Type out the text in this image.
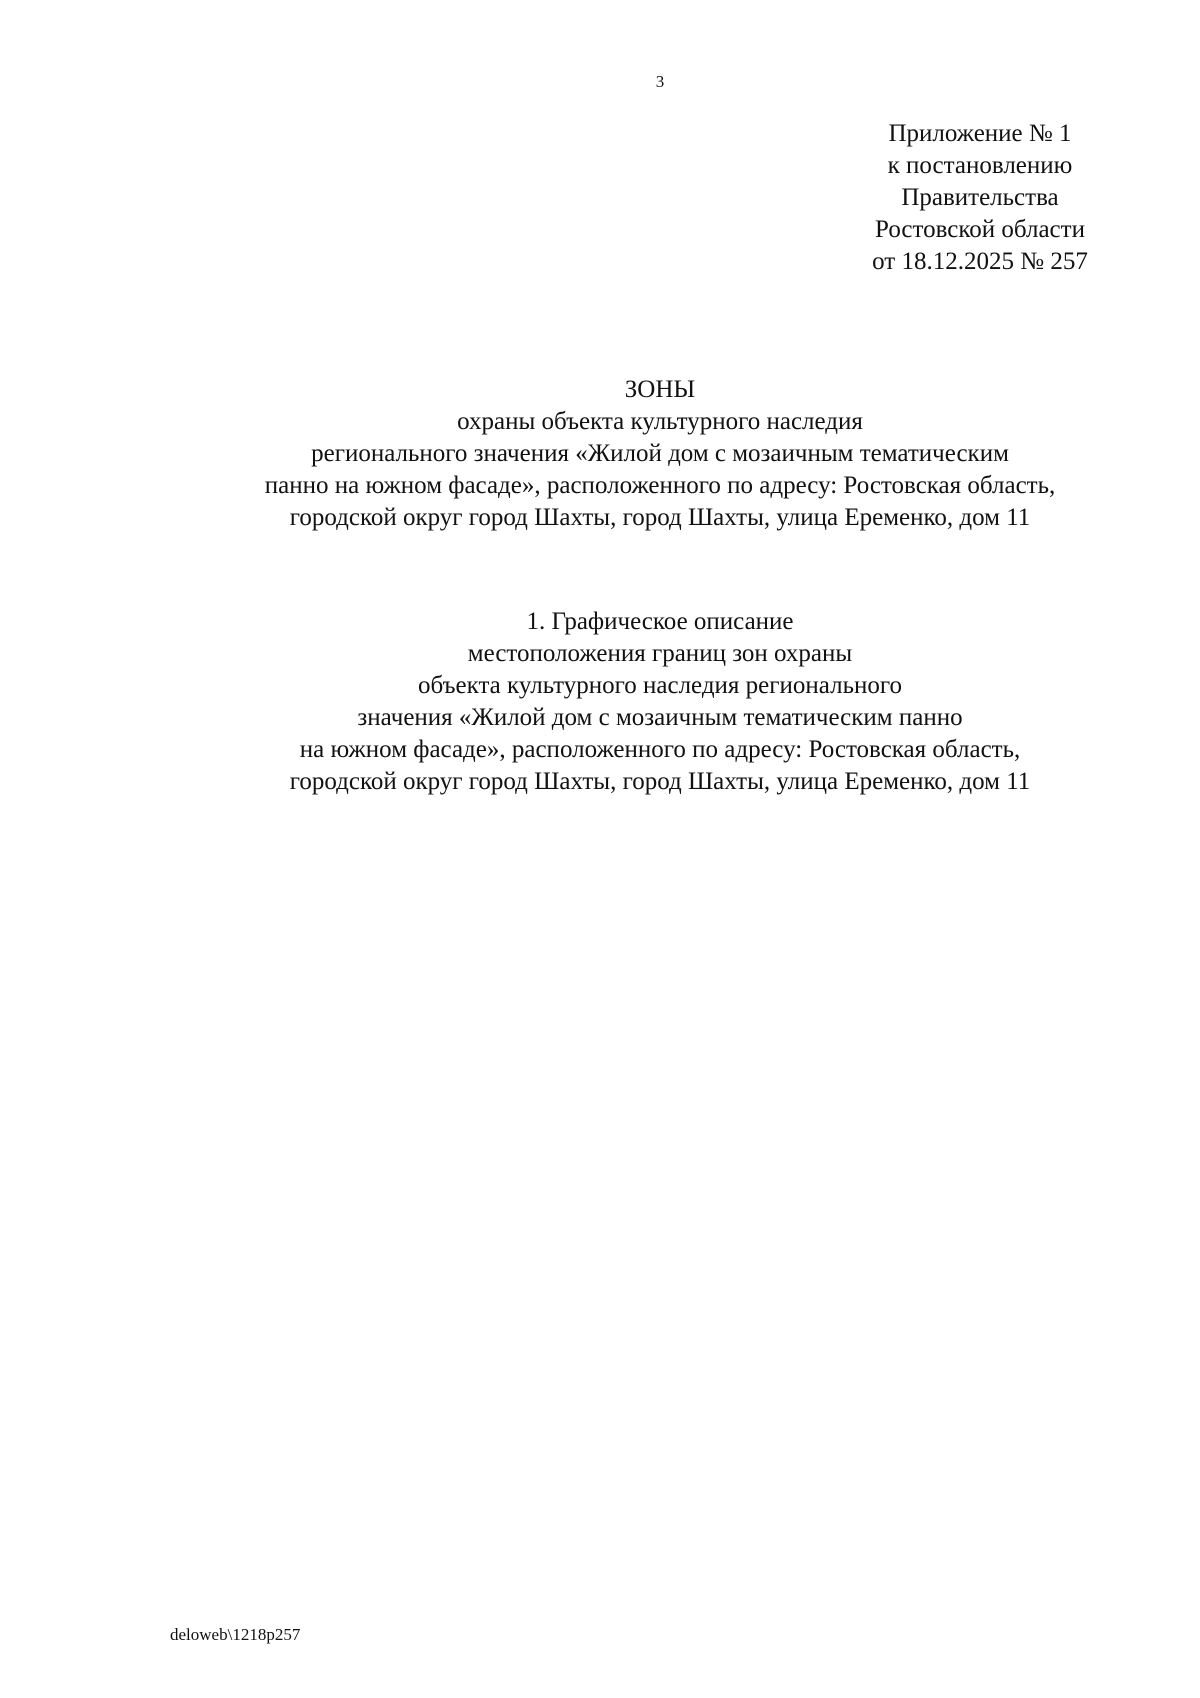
3
Приложение № 1
к постановлению
Правительства
Ростовской области
от 18.12.2025 № 257
ЗОНЫ
охраны объекта культурного наследия
регионального значения «Жилой дом с мозаичным тематическим
панно на южном фасаде», расположенного по адресу: Ростовская область,
городской округ город Шахты, город Шахты, улица Еременко, дом 11
1. Графическое описание
местоположения границ зон охраны
объекта культурного наследия регионального
значения «Жилой дом с мозаичным тематическим панно
на южном фасаде», расположенного по адресу: Ростовская область,
городской округ город Шахты, город Шахты, улица Еременко, дом 11
deloweb\1218p257
